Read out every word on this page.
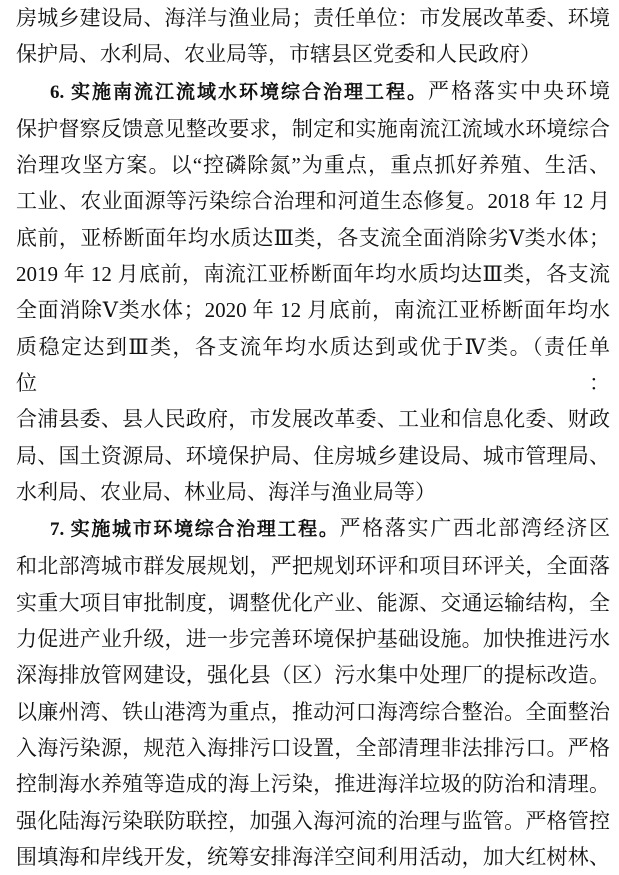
房城乡建设局、海洋与渔业局；责任单位：市发展改革委、环境
保护局、水利局、农业局等，市辖县区党委和人民政府）
6. 实施南流江流域水环境综合治理工程。严格落实中央环境
保护督察反馈意见整改要求，制定和实施南流江流域水环境综合
治理攻坚方案。以“控磷除氮”为重点，重点抓好养殖、生活、
工业、农业面源等污染综合治理和河道生态修复。2018 年 12 月
底前，亚桥断面年均水质达Ⅲ类，各支流全面消除劣Ⅴ类水体；
2019 年 12 月底前，南流江亚桥断面年均水质均达Ⅲ类，各支流
全面消除Ⅴ类水体；2020 年 12 月底前，南流江亚桥断面年均水
质稳定达到Ⅲ类，各支流年均水质达到或优于Ⅳ类。（责任单位：
合浦县委、县人民政府，市发展改革委、工业和信息化委、财政
局、国土资源局、环境保护局、住房城乡建设局、城市管理局、
水利局、农业局、林业局、海洋与渔业局等）
7. 实施城市环境综合治理工程。严格落实广西北部湾经济区
和北部湾城市群发展规划，严把规划环评和项目环评关，全面落
实重大项目审批制度，调整优化产业、能源、交通运输结构，全
力促进产业升级，进一步完善环境保护基础设施。加快推进污水
深海排放管网建设，强化县（区）污水集中处理厂的提标改造。
以廉州湾、铁山港湾为重点，推动河口海湾综合整治。全面整治
入海污染源，规范入海排污口设置，全部清理非法排污口。严格
控制海水养殖等造成的海上污染，推进海洋垃圾的防治和清理。
强化陆海污染联防联控，加强入海河流的治理与监管。严格管控
围填海和岸线开发，统筹安排海洋空间利用活动，加大红树林、
